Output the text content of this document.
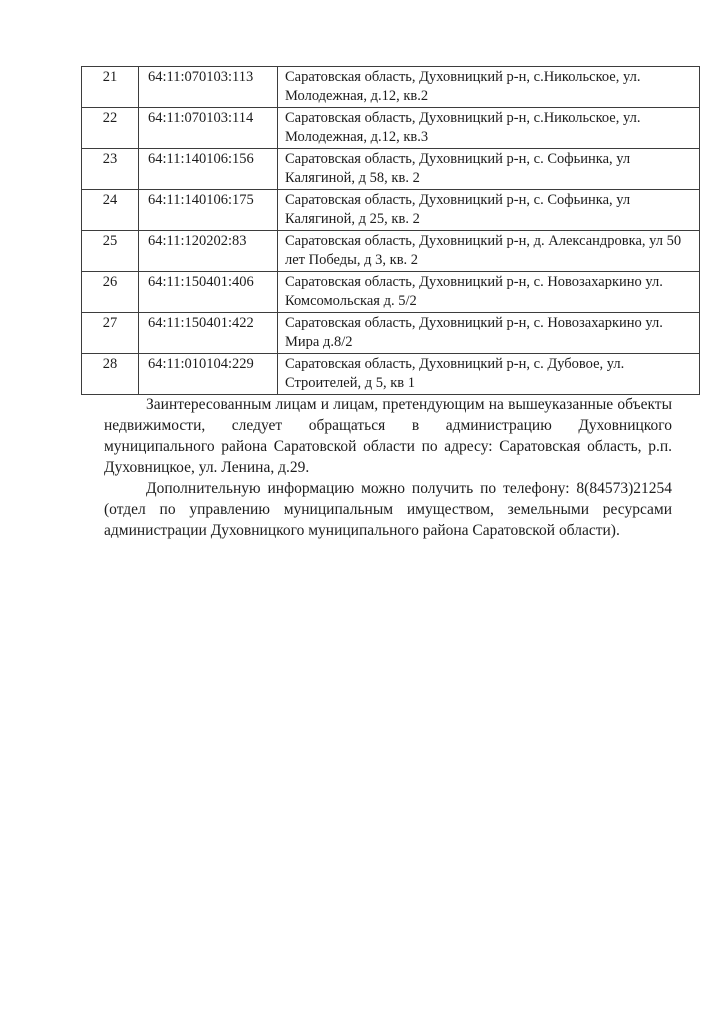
21	64:11:070103:113	Саратовская область, Духовницкий р-н, с.Никольское, ул. Молодежная, д.12, кв.2
22	64:11:070103:114	Саратовская область, Духовницкий р-н, с.Никольское, ул. Молодежная, д.12, кв.3
23	64:11:140106:156	Саратовская область, Духовницкий р-н, с. Софьинка, ул Калягиной, д 58, кв. 2
24	64:11:140106:175	Саратовская область, Духовницкий р-н, с. Софьинка, ул Калягиной, д 25, кв. 2
25	64:11:120202:83	Саратовская область, Духовницкий р-н, д. Александровка, ул 50 лет Победы, д 3, кв. 2
26	64:11:150401:406	Саратовская область, Духовницкий р-н, с. Новозахаркино ул. Комсомольская д. 5/2
27	64:11:150401:422	Саратовская область, Духовницкий р-н, с. Новозахаркино ул. Мира д.8/2
28	64:11:010104:229	Саратовская область, Духовницкий р-н, с. Дубовое, ул. Строителей, д 5, кв 1

Заинтересованным лицам и лицам, претендующим на вышеуказанные объекты недвижимости, следует обращаться в администрацию Духовницкого муниципального района Саратовской области по адресу: Саратовская область, р.п. Духовницкое, ул. Ленина, д.29.

Дополнительную информацию можно получить по телефону: 8(84573)21254 (отдел по управлению муниципальным имуществом, земельными ресурсами администрации Духовницкого муниципального района Саратовской области).
